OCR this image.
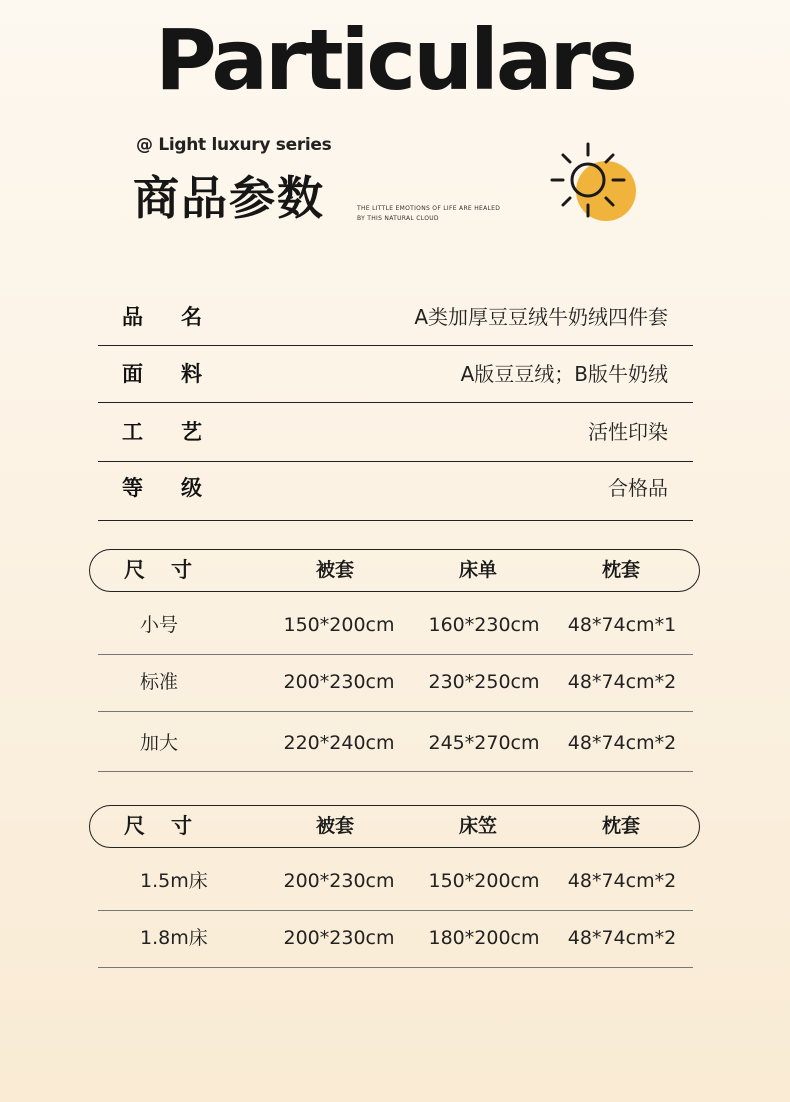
Particulars
@ Light luxury series
商品参数	THE LITTLE EMOTIONS OF LIFE ARE HEALED
BY THIS NATURAL CLOUD
品 名	A类加厚豆豆绒牛奶绒四件套
面 料	A版豆豆绒；B版牛奶绒
工 艺	活性印染
等 级	合格品
尺 寸	被套	床单	枕套
小号	150*200cm 160*230cm 48*74cm*1
标准	200*230cm 230*250cm 48*74cm*2
加大	220*240cm 245*270cm 48*74cm*2
尺 寸	被套	床笠	枕套
1.5m床	200*230cm 150*200cm 48*74cm*2
1.8m床	200*230cm 180*200cm 48*74cm*2
